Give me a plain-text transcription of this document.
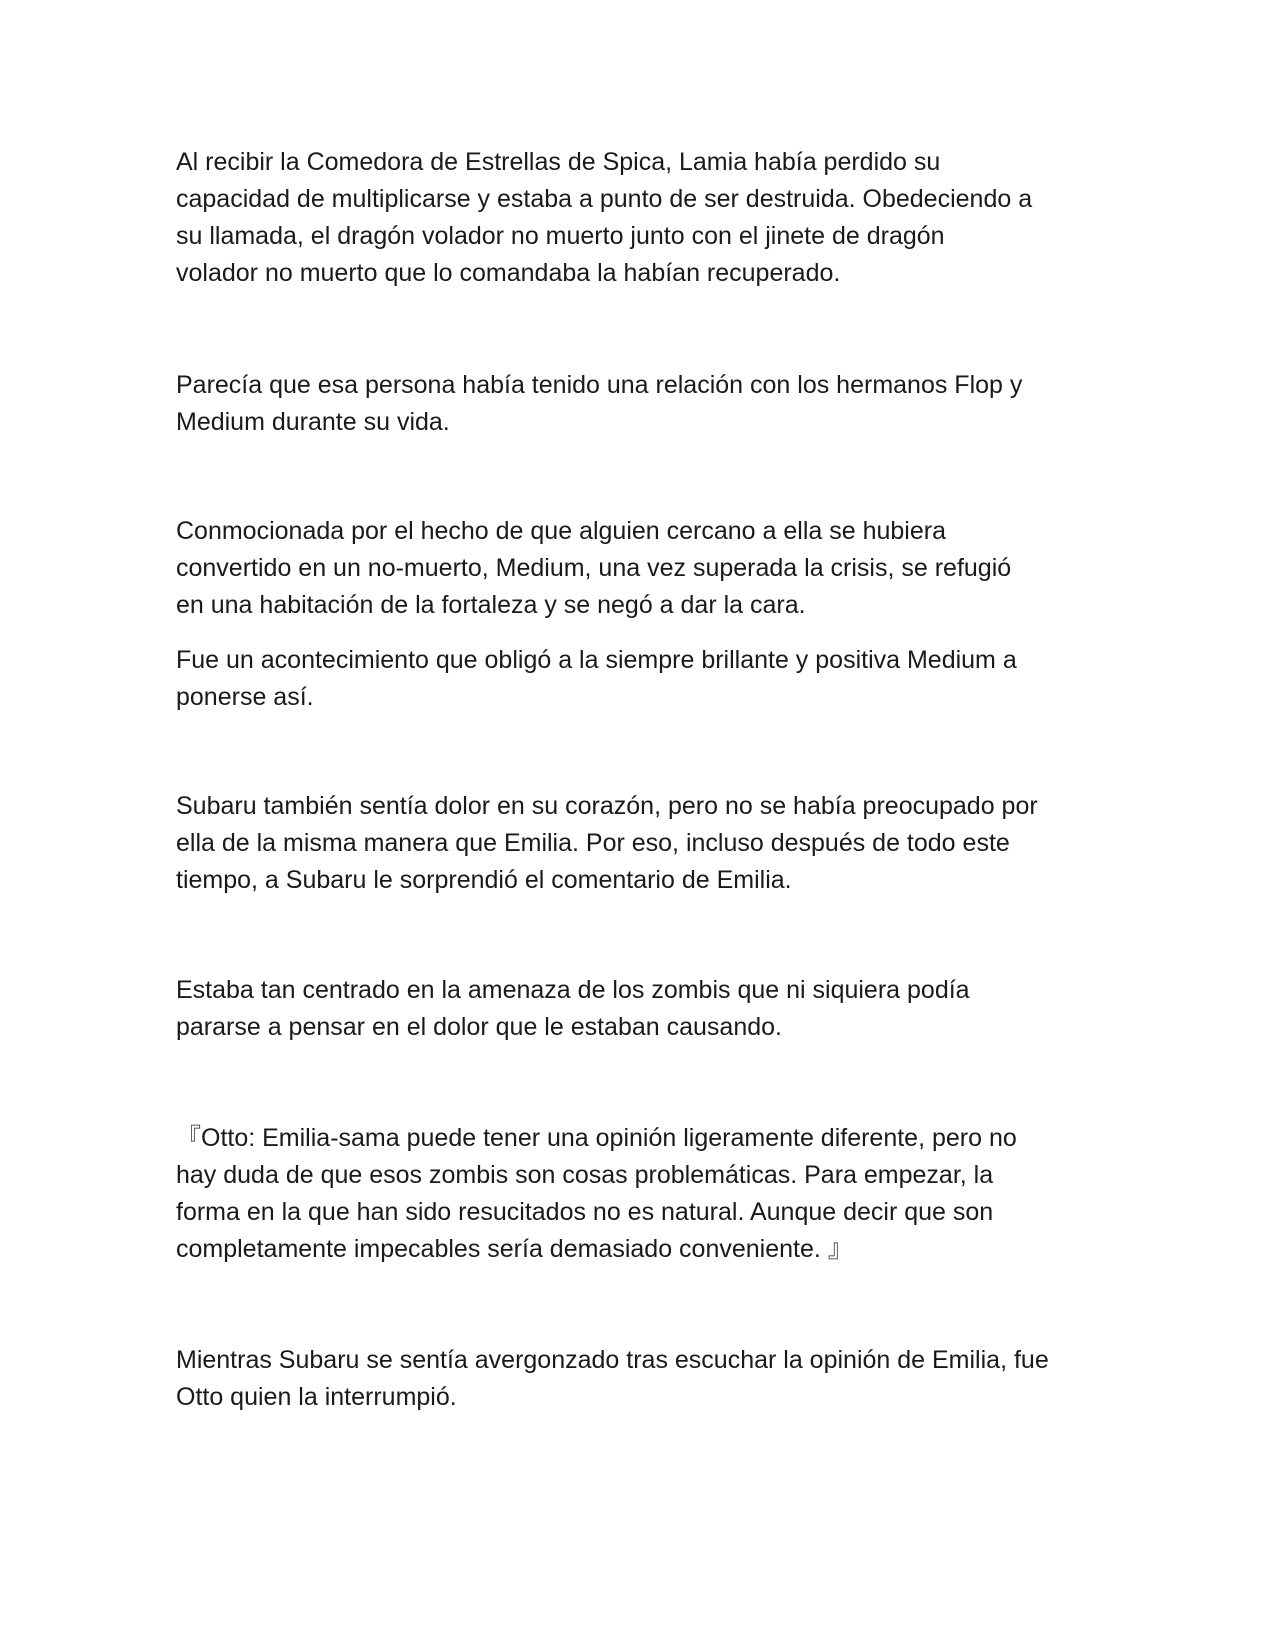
Al recibir la Comedora de Estrellas de Spica, Lamia había perdido su
capacidad de multiplicarse y estaba a punto de ser destruida. Obedeciendo a
su llamada, el dragón volador no muerto junto con el jinete de dragón
volador no muerto que lo comandaba la habían recuperado.

Parecía que esa persona había tenido una relación con los hermanos Flop y
Medium durante su vida.

Conmocionada por el hecho de que alguien cercano a ella se hubiera
convertido en un no-muerto, Medium, una vez superada la crisis, se refugió
en una habitación de la fortaleza y se negó a dar la cara.

Fue un acontecimiento que obligó a la siempre brillante y positiva Medium a
ponerse así.

Subaru también sentía dolor en su corazón, pero no se había preocupado por
ella de la misma manera que Emilia. Por eso, incluso después de todo este
tiempo, a Subaru le sorprendió el comentario de Emilia.

Estaba tan centrado en la amenaza de los zombis que ni siquiera podía
pararse a pensar en el dolor que le estaban causando.

『Otto: Emilia-sama puede tener una opinión ligeramente diferente, pero no
hay duda de que esos zombis son cosas problemáticas. Para empezar, la
forma en la que han sido resucitados no es natural. Aunque decir que son
completamente impecables sería demasiado conveniente. 』

Mientras Subaru se sentía avergonzado tras escuchar la opinión de Emilia, fue
Otto quien la interrumpió.
